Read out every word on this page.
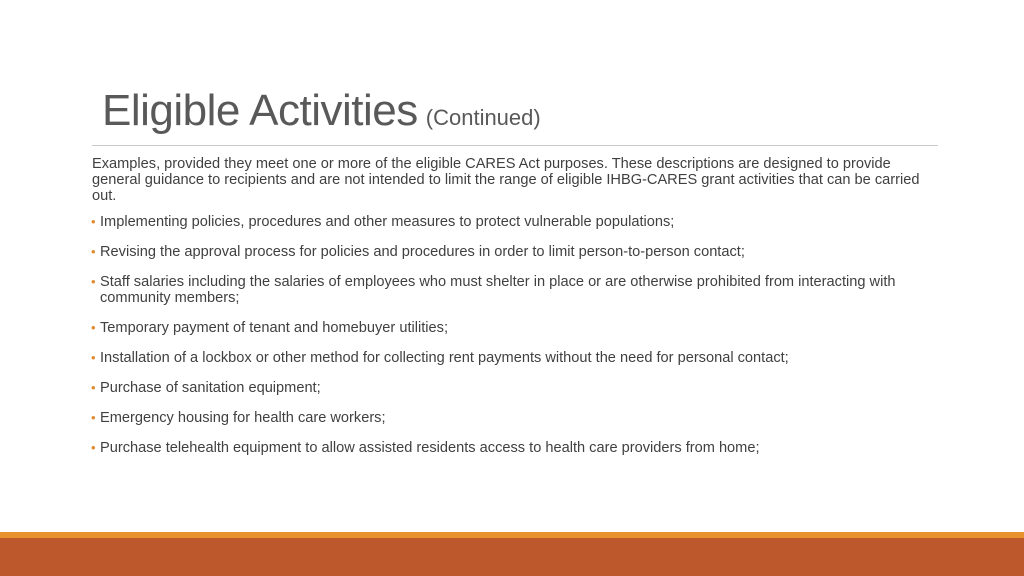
Eligible Activities (Continued)

Examples, provided they meet one or more of the eligible CARES Act purposes. These descriptions are designed to provide general guidance to recipients and are not intended to limit the range of eligible IHBG-CARES grant activities that can be carried out.

• Implementing policies, procedures and other measures to protect vulnerable populations;
• Revising the approval process for policies and procedures in order to limit person-to-person contact;
• Staff salaries including the salaries of employees who must shelter in place or are otherwise prohibited from interacting with community members;
• Temporary payment of tenant and homebuyer utilities;
• Installation of a lockbox or other method for collecting rent payments without the need for personal contact;
• Purchase of sanitation equipment;
• Emergency housing for health care workers;
• Purchase telehealth equipment to allow assisted residents access to health care providers from home;
